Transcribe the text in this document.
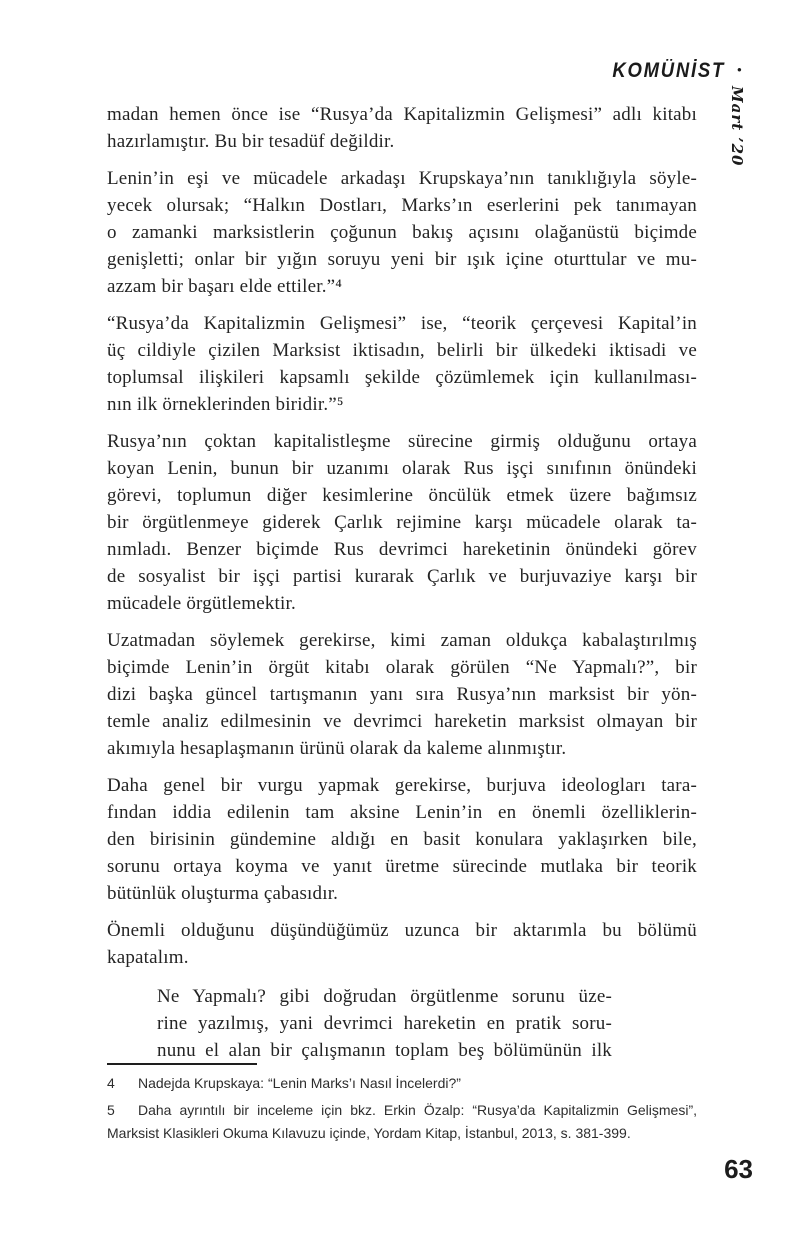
KOMÜNİST •
Mart ’20
madan hemen önce ise “Rusya’da Kapitalizmin Gelişmesi” adlı kitabı
hazırlamıştır. Bu bir tesadüf değildir.
Lenin’in eşi ve mücadele arkadaşı Krupskaya’nın tanıklığıyla söyle-
yecek olursak; “Halkın Dostları, Marks’ın eserlerini pek tanımayan
o zamanki marksistlerin çoğunun bakış açısını olağanüstü biçimde
genişletti; onlar bir yığın soruyu yeni bir ışık içine oturttular ve mu-
azzam bir başarı elde ettiler.”⁴
“Rusya’da Kapitalizmin Gelişmesi” ise, “teorik çerçevesi Kapital’in
üç cildiyle çizilen Marksist iktisadın, belirli bir ülkedeki iktisadi ve
toplumsal ilişkileri kapsamlı şekilde çözümlemek için kullanılması-
nın ilk örneklerinden biridir.”⁵
Rusya’nın çoktan kapitalistleşme sürecine girmiş olduğunu ortaya
koyan Lenin, bunun bir uzanımı olarak Rus işçi sınıfının önündeki
görevi, toplumun diğer kesimlerine öncülük etmek üzere bağımsız
bir örgütlenmeye giderek Çarlık rejimine karşı mücadele olarak ta-
nımladı. Benzer biçimde Rus devrimci hareketinin önündeki görev
de sosyalist bir işçi partisi kurarak Çarlık ve burjuvaziye karşı bir
mücadele örgütlemektir.
Uzatmadan söylemek gerekirse, kimi zaman oldukça kabalaştırılmış
biçimde Lenin’in örgüt kitabı olarak görülen “Ne Yapmalı?”, bir
dizi başka güncel tartışmanın yanı sıra Rusya’nın marksist bir yön-
temle analiz edilmesinin ve devrimci hareketin marksist olmayan bir
akımıyla hesaplaşmanın ürünü olarak da kaleme alınmıştır.
Daha genel bir vurgu yapmak gerekirse, burjuva ideologları tara-
fından iddia edilenin tam aksine Lenin’in en önemli özelliklerin-
den birisinin gündemine aldığı en basit konulara yaklaşırken bile,
sorunu ortaya koyma ve yanıt üretme sürecinde mutlaka bir teorik
bütünlük oluşturma çabasıdır.
Önemli olduğunu düşündüğümüz uzunca bir aktarımla bu bölümü
kapatalım.
Ne Yapmalı? gibi doğrudan örgütlenme sorunu üze-
rine yazılmış, yani devrimci hareketin en pratik soru-
nunu el alan bir çalışmanın toplam beş bölümünün ilk
4 Nadejda Krupskaya: “Lenin Marks’ı Nasıl İncelerdi?”
5 Daha ayrıntılı bir inceleme için bkz. Erkin Özalp: “Rusya’da Kapitalizmin Gelişmesi”,
Marksist Klasikleri Okuma Kılavuzu içinde, Yordam Kitap, İstanbul, 2013, s. 381-399.
63
